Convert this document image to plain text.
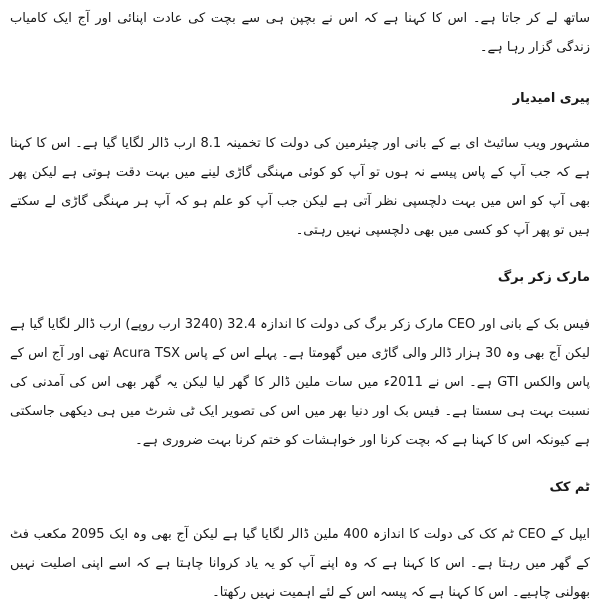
ساتھ لے کر جاتا ہے۔ اس کا کہنا ہے کہ اس نے بچپن ہی سے بچت کی عادت اپنائی اور آج ایک کامیاب زندگی گزار رہا ہے۔

پیری امیدیار

مشہور ویب سائیٹ ای بے کے بانی اور چیئرمین کی دولت کا تخمینہ 8.1 ارب ڈالر لگایا گیا ہے۔ اس کا کہنا ہے کہ جب آپ کے پاس پیسے نہ ہوں تو آپ کو کوئی مہنگی گاڑی لینے میں بہت دقت ہوتی ہے لیکن پھر بھی آپ کو اس میں بہت دلچسپی نظر آتی ہے لیکن جب آپ کو علم ہو کہ آپ ہر مہنگی گاڑی لے سکتے ہیں تو پھر آپ کو کسی میں بھی دلچسپی نہیں رہتی۔

مارک زکر برگ

فیس بک کے بانی اور CEO مارک زکر برگ کی دولت کا اندازہ 32.4 (3240 ارب روپے) ارب ڈالر لگایا گیا ہے لیکن آج بھی وہ 30 ہزار ڈالر والی گاڑی میں گھومتا ہے۔ پہلے اس کے پاس Acura TSX تھی اور آج اس کے پاس والکس GTI ہے۔ اس نے 2011ء میں سات ملین ڈالر کا گھر لیا لیکن یہ گھر بھی اس کی آمدنی کی نسبت بہت ہی سستا ہے۔ فیس بک اور دنیا بھر میں اس کی تصویر ایک ٹی شرٹ میں ہی دیکھی جاسکتی ہے کیونکہ اس کا کہنا ہے کہ بچت کرنا اور خواہشات کو ختم کرنا بہت ضروری ہے۔

ٹم کک

ایپل کے CEO ٹم کک کی دولت کا اندازہ 400 ملین ڈالر لگایا گیا ہے لیکن آج بھی وہ ایک 2095 مکعب فٹ کے گھر میں رہتا ہے۔ اس کا کہنا ہے کہ وہ اپنے آپ کو یہ یاد کروانا چاہتا ہے کہ اسے اپنی اصلیت نہیں بھولنی چاہیے۔ اس کا کہنا ہے کہ پیسہ اس کے لئے اہمیت نہیں رکھتا۔
